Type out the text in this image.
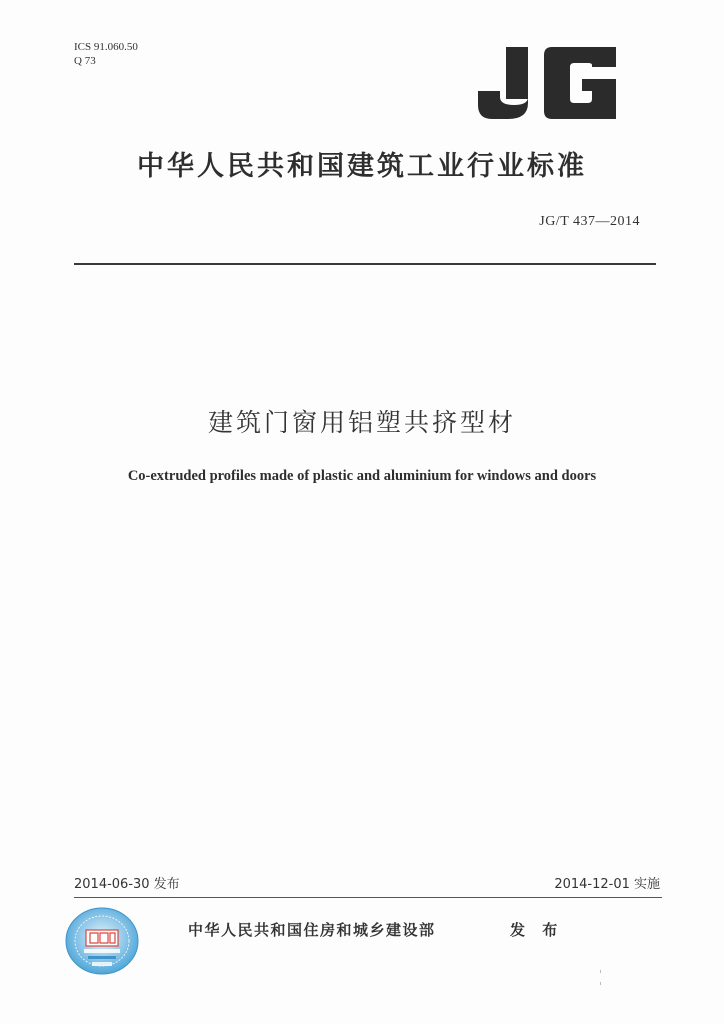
ICS 91.060.50
Q 73
中华人民共和国建筑工业行业标准
JG/T 437—2014
建筑门窗用铝塑共挤型材
Co-extruded profiles made of plastic and aluminium for windows and doors
2014-06-30 发布	2014-12-01 实施
中华人民共和国住房和城乡建设部	发 布
